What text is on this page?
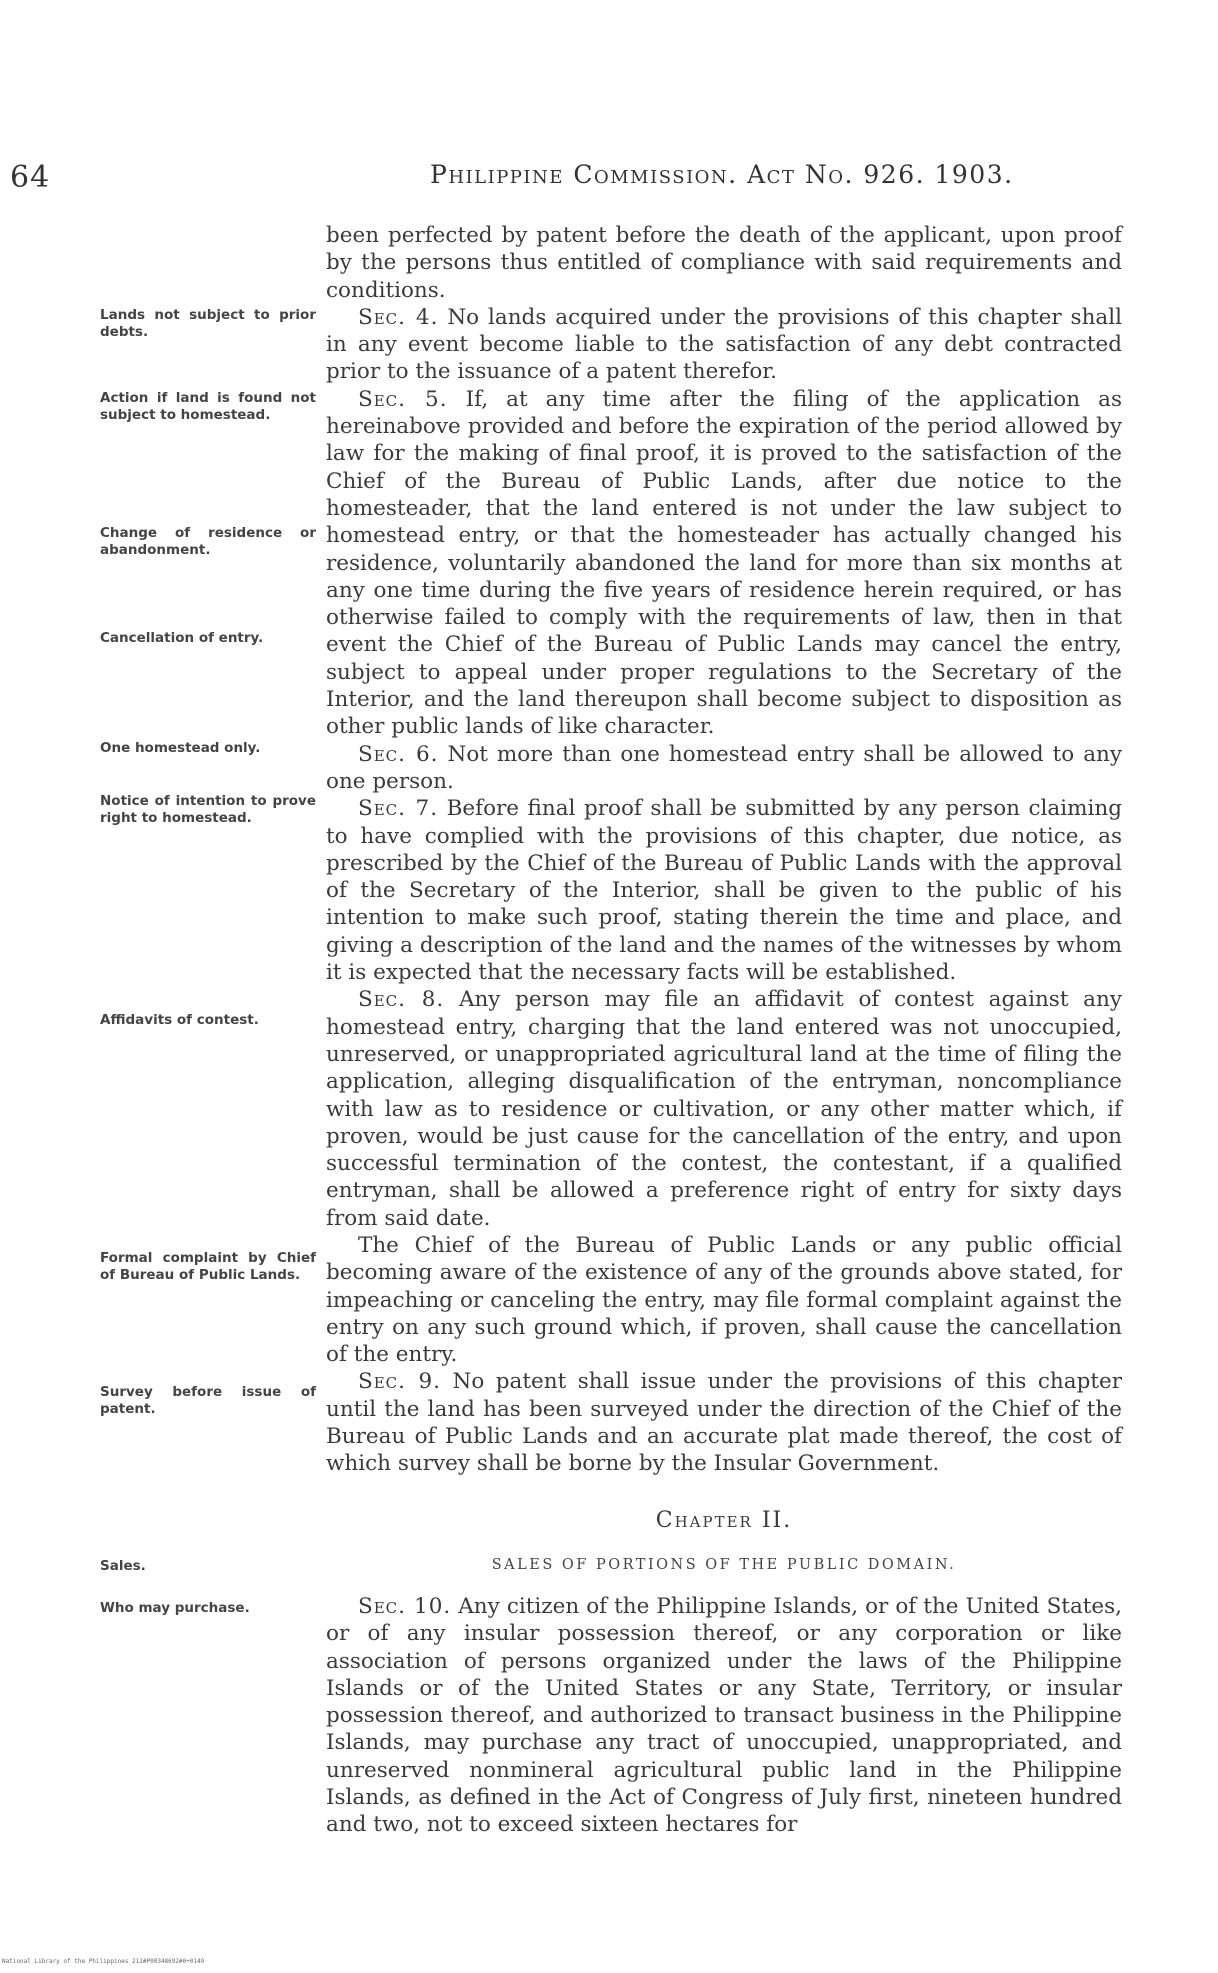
64	Philippine Commission. Act No. 926. 1903.
Lands not subject to prior debts.
Action if land is found not subject to homestead.
Change of residence or abandonment.
Cancellation of entry.
One homestead only.
Notice of intention to prove right to homestead.
Affidavits of contest.
Formal complaint by Chief of Bureau of Public Lands.
Survey before issue of patent.
Sales.
Who may purchase.

been perfected by patent before the death of the applicant, upon proof by the persons thus entitled of compliance with said requirements and conditions.

Sec. 4. No lands acquired under the provisions of this chapter shall in any event become liable to the satisfaction of any debt contracted prior to the issuance of a patent therefor.

Sec. 5. If, at any time after the filing of the application as hereinabove provided and before the expiration of the period allowed by law for the making of final proof, it is proved to the satisfaction of the Chief of the Bureau of Public Lands, after due notice to the homesteader, that the land entered is not under the law subject to homestead entry, or that the homesteader has actually changed his residence, voluntarily abandoned the land for more than six months at any one time during the five years of residence herein required, or has otherwise failed to comply with the requirements of law, then in that event the Chief of the Bureau of Public Lands may cancel the entry, subject to appeal under proper regulations to the Secretary of the Interior, and the land thereupon shall become subject to disposition as other public lands of like character.

Sec. 6. Not more than one homestead entry shall be allowed to any one person.

Sec. 7. Before final proof shall be submitted by any person claiming to have complied with the provisions of this chapter, due notice, as prescribed by the Chief of the Bureau of Public Lands with the approval of the Secretary of the Interior, shall be given to the public of his intention to make such proof, stating therein the time and place, and giving a description of the land and the names of the witnesses by whom it is expected that the necessary facts will be established.

Sec. 8. Any person may file an affidavit of contest against any homestead entry, charging that the land entered was not unoccupied, unreserved, or unappropriated agricultural land at the time of filing the application, alleging disqualification of the entryman, noncompliance with law as to residence or cultivation, or any other matter which, if proven, would be just cause for the cancellation of the entry, and upon successful termination of the contest, the contestant, if a qualified entryman, shall be allowed a preference right of entry for sixty days from said date.

The Chief of the Bureau of Public Lands or any public official becoming aware of the existence of any of the grounds above stated, for impeaching or canceling the entry, may file formal complaint against the entry on any such ground which, if proven, shall cause the cancellation of the entry.

Sec. 9. No patent shall issue under the provisions of this chapter until the land has been surveyed under the direction of the Chief of the Bureau of Public Lands and an accurate plat made thereof, the cost of which survey shall be borne by the Insular Government.

Chapter II.
SALES OF PORTIONS OF THE PUBLIC DOMAIN.

Sec. 10. Any citizen of the Philippine Islands, or of the United States, or of any insular possession thereof, or any corporation or like association of persons organized under the laws of the Philippine Islands or of the United States or any State, Territory, or insular possession thereof, and authorized to transact business in the Philippine Islands, may purchase any tract of unoccupied, unappropriated, and unreserved nonmineral agricultural public land in the Philippine Islands, as defined in the Act of Congress of July first, nineteen hundred and two, not to exceed sixteen hectares for

National Library of the Philippines 212#P00348692#0+0149
